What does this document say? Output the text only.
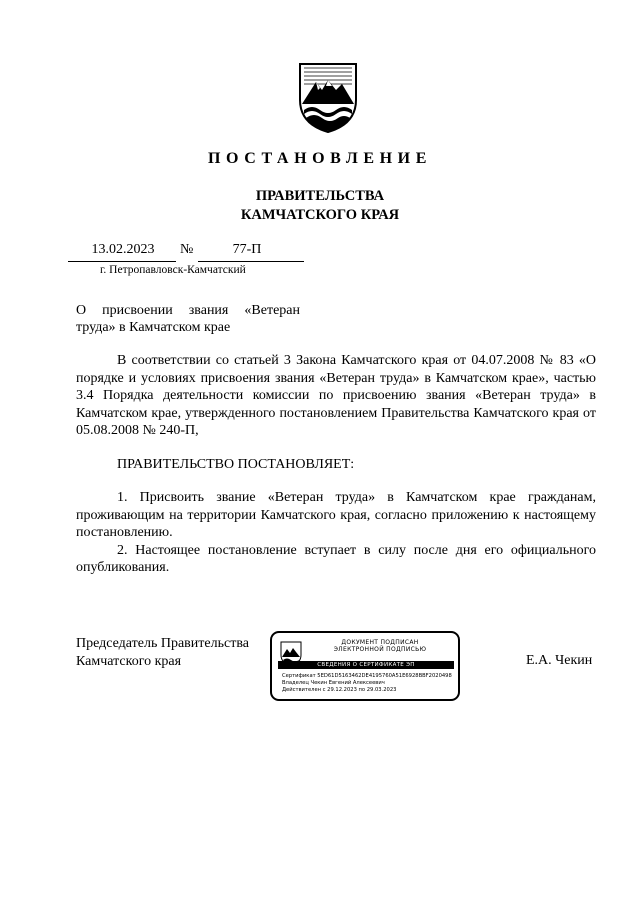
ПОСТАНОВЛЕНИЕ
ПРАВИТЕЛЬСТВА
КАМЧАТСКОГО КРАЯ
13.02.2023	№	77-П
г. Петропавловск-Камчатский
О присвоении звания «Ветеран труда» в Камчатском крае

В соответствии со статьей 3 Закона Камчатского края от 04.07.2008 № 83 «О порядке и условиях присвоения звания «Ветеран труда» в Камчатском крае», частью 3.4 Порядка деятельности комиссии по присвоению звания «Ветеран труда» в Камчатском крае, утвержденного постановлением Правительства Камчатского края от 05.08.2008 № 240-П,

ПРАВИТЕЛЬСТВО ПОСТАНОВЛЯЕТ:

1. Присвоить звание «Ветеран труда» в Камчатском крае гражданам, проживающим на территории Камчатского края, согласно приложению к настоящему постановлению.

2. Настоящее постановление вступает в силу после дня его официального опубликования.

Председатель Правительства
Камчатского края
ДОКУМЕНТ ПОДПИСАН
ЭЛЕКТРОННОЙ ПОДПИСЬЮ
СВЕДЕНИЯ О СЕРТИФИКАТЕ ЭП
Сертификат 5ED61D5163462DE4195760A51E6928BBF2020498
Владелец Чекин Евгений Алексеевич
Действителен с 29.12.2023 по 29.03.2023
Е.А. Чекин
